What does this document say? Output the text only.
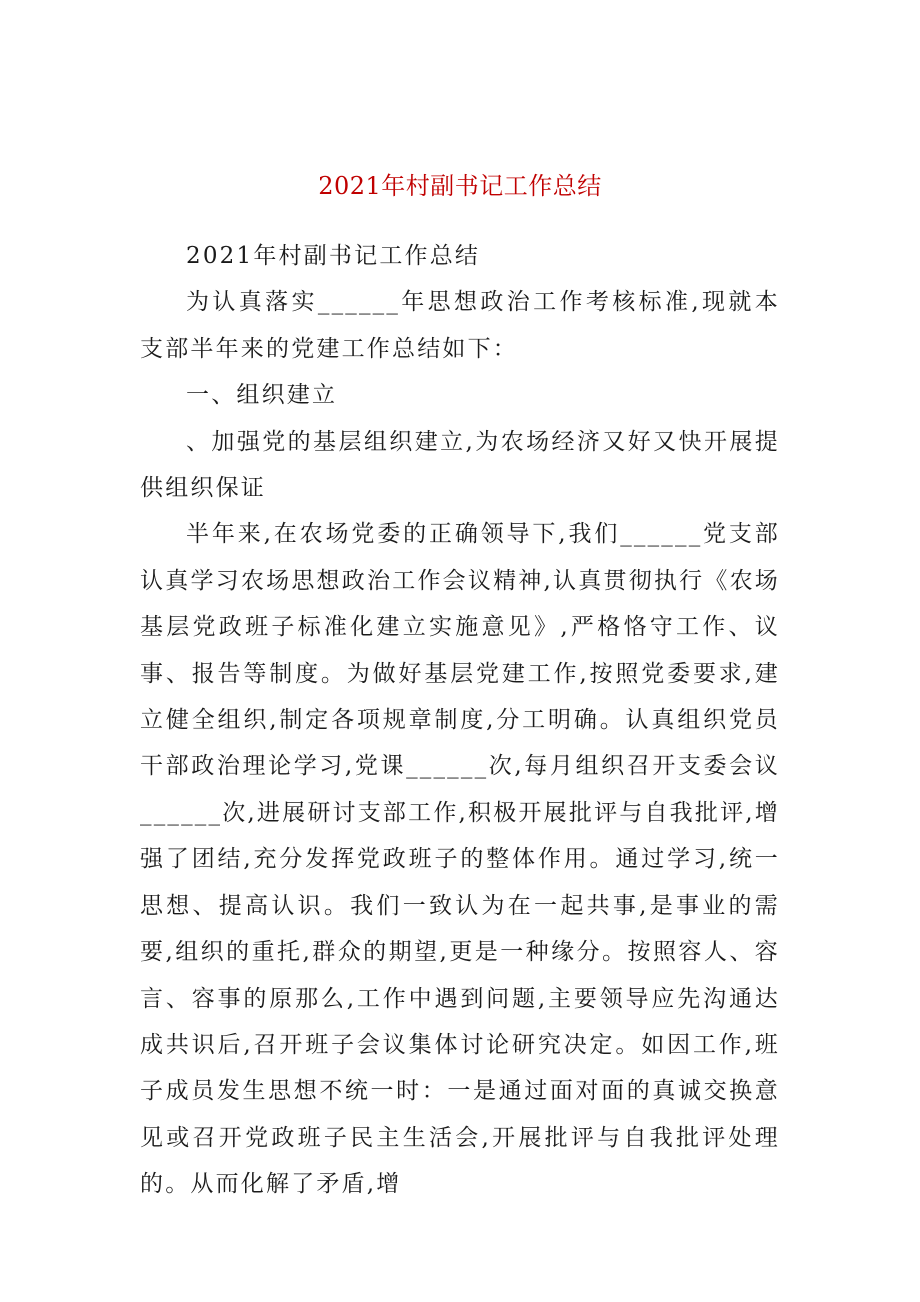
2021年村副书记工作总结

2021年村副书记工作总结

为认真落实______年思想政治工作考核标准,现就本支部半年来的党建工作总结如下：

一、组织建立

、加强党的基层组织建立,为农场经济又好又快开展提供组织保证

半年来,在农场党委的正确领导下,我们______党支部认真学习农场思想政治工作会议精神,认真贯彻执行《农场基层党政班子标准化建立实施意见》,严格恪守工作、议事、报告等制度。为做好基层党建工作,按照党委要求,建立健全组织,制定各项规章制度,分工明确。认真组织党员干部政治理论学习,党课______次,每月组织召开支委会议______次,进展研讨支部工作,积极开展批评与自我批评,增强了团结,充分发挥党政班子的整体作用。通过学习,统一思想、提高认识。我们一致认为在一起共事,是事业的需要,组织的重托,群众的期望,更是一种缘分。按照容人、容言、容事的原那么,工作中遇到问题,主要领导应先沟通达成共识后,召开班子会议集体讨论研究决定。如因工作,班子成员发生思想不统一时：一是通过面对面的真诚交换意见或召开党政班子民主生活会,开展批评与自我批评处理的。从而化解了矛盾,增
